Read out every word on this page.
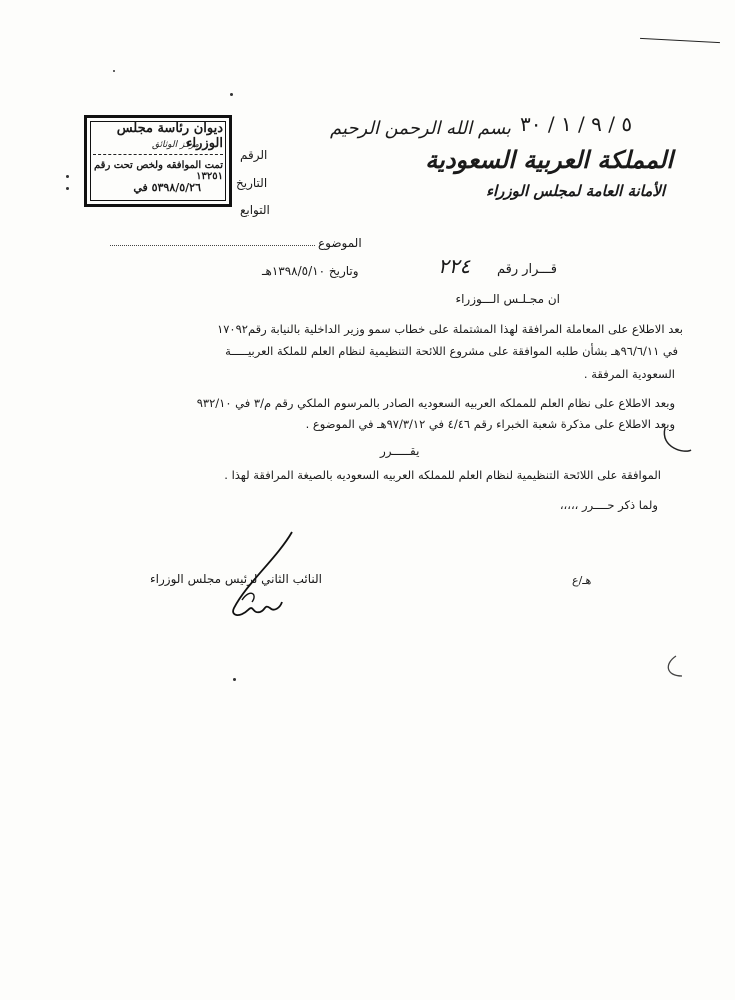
٥ / ٩ / ١ / ٣٠
المملكة العربية السعودية
الأمانة العامة لمجلس الوزراء
بسم الله الرحمن الرحيم
ديوان رئاسة مجلس الوزراء
مركز الوثائق
تمت الموافقه ولخص تحت رقم ١٣٢٥١
٥٣٩٨/٥/٢٦ في
الرقم
التاريخ
التوابع
الموضوع
وتاريخ ١٣٩٨/٥/١٠هـ	٢٢٤ قـــرار رقم
ان مجـلـس الـــوزراء
بعد الاطلاع على المعاملة المرافقة لهذا المشتملة على خطاب سمو وزير الداخلية بالنيابة رقم١٧٠٩٢
في ٩٦/٦/١١هـ بشأن طلبه الموافقة على مشروع اللائحة التنظيمية لنظام العلم للملكة العربيـــــة
السعودية المرفقة .
وبعد الاطلاع على نظام العلم للمملكه العربيه السعوديه الصادر بالمرسوم الملكي رقم م/٣ في ٩٣٢/١٠
وبعد الاطلاع على مذكرة شعبة الخبراء رقم ٤/٤٦ في ٩٧/٣/١٢هـ في الموضوع .
يقـــــرر
الموافقة على اللائحة التنظيمية لنظام العلم للمملكه العربيه السعوديه بالصيغة المرافقة لهذا .
ولما ذكر حــــرر ،،،،،
النائب الثاني لرئيس مجلس الوزراء	هـ/ع
